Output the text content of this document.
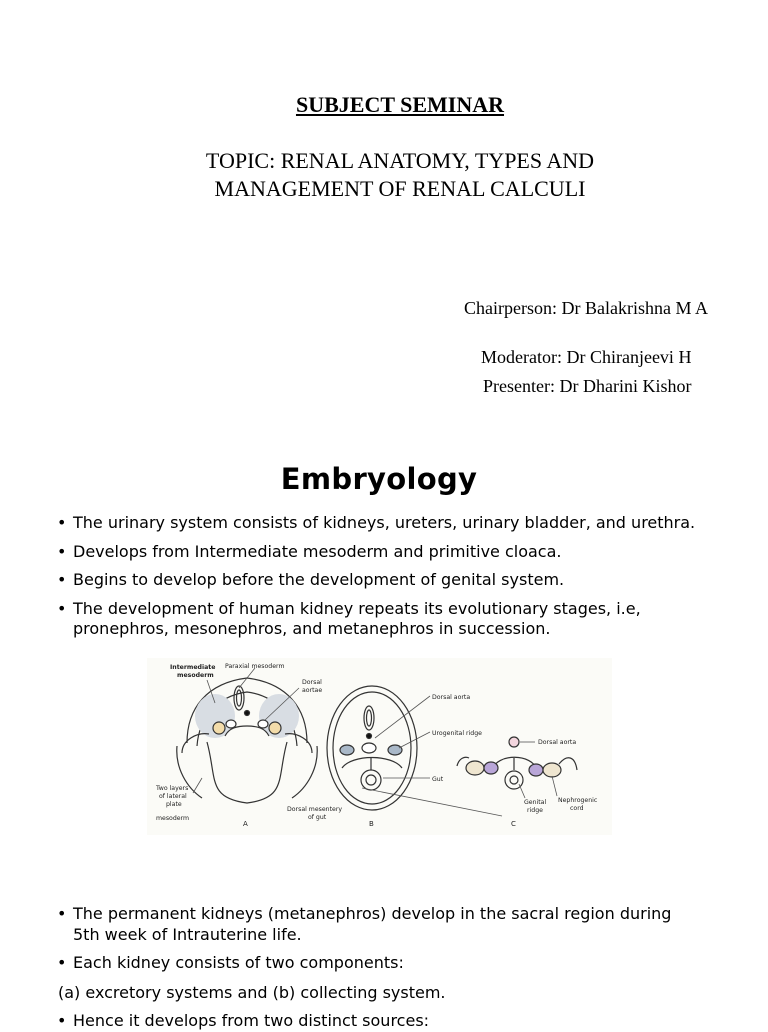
SUBJECT SEMINAR
TOPIC: RENAL ANATOMY, TYPES AND
MANAGEMENT OF RENAL CALCULI
Chairperson: Dr Balakrishna M A
Moderator: Dr Chiranjeevi H
Presenter: Dr Dharini Kishor
Embryology
• The urinary system consists of kidneys, ureters, urinary bladder, and urethra.
• Develops from Intermediate mesoderm and primitive cloaca.
• Begins to develop before the development of genital system.
• The development of human kidney repeats its evolutionary stages, i.e, pronephros, mesonephros, and metanephros in succession.
Intermediate
mesoderm
Paraxial mesoderm
Dorsal
aortae
Two layers
of lateral
plate
mesoderm
A
Dorsal aorta
Urogenital ridge
Gut
Dorsal mesentery
of gut
B
Dorsal aorta
Genital
ridge
Nephrogenic
cord
C
• The permanent kidneys (metanephros) develop in the sacral region during 5th week of Intrauterine life.
• Each kidney consists of two components:
(a) excretory systems and (b) collecting system.
• Hence it develops from two distinct sources:
